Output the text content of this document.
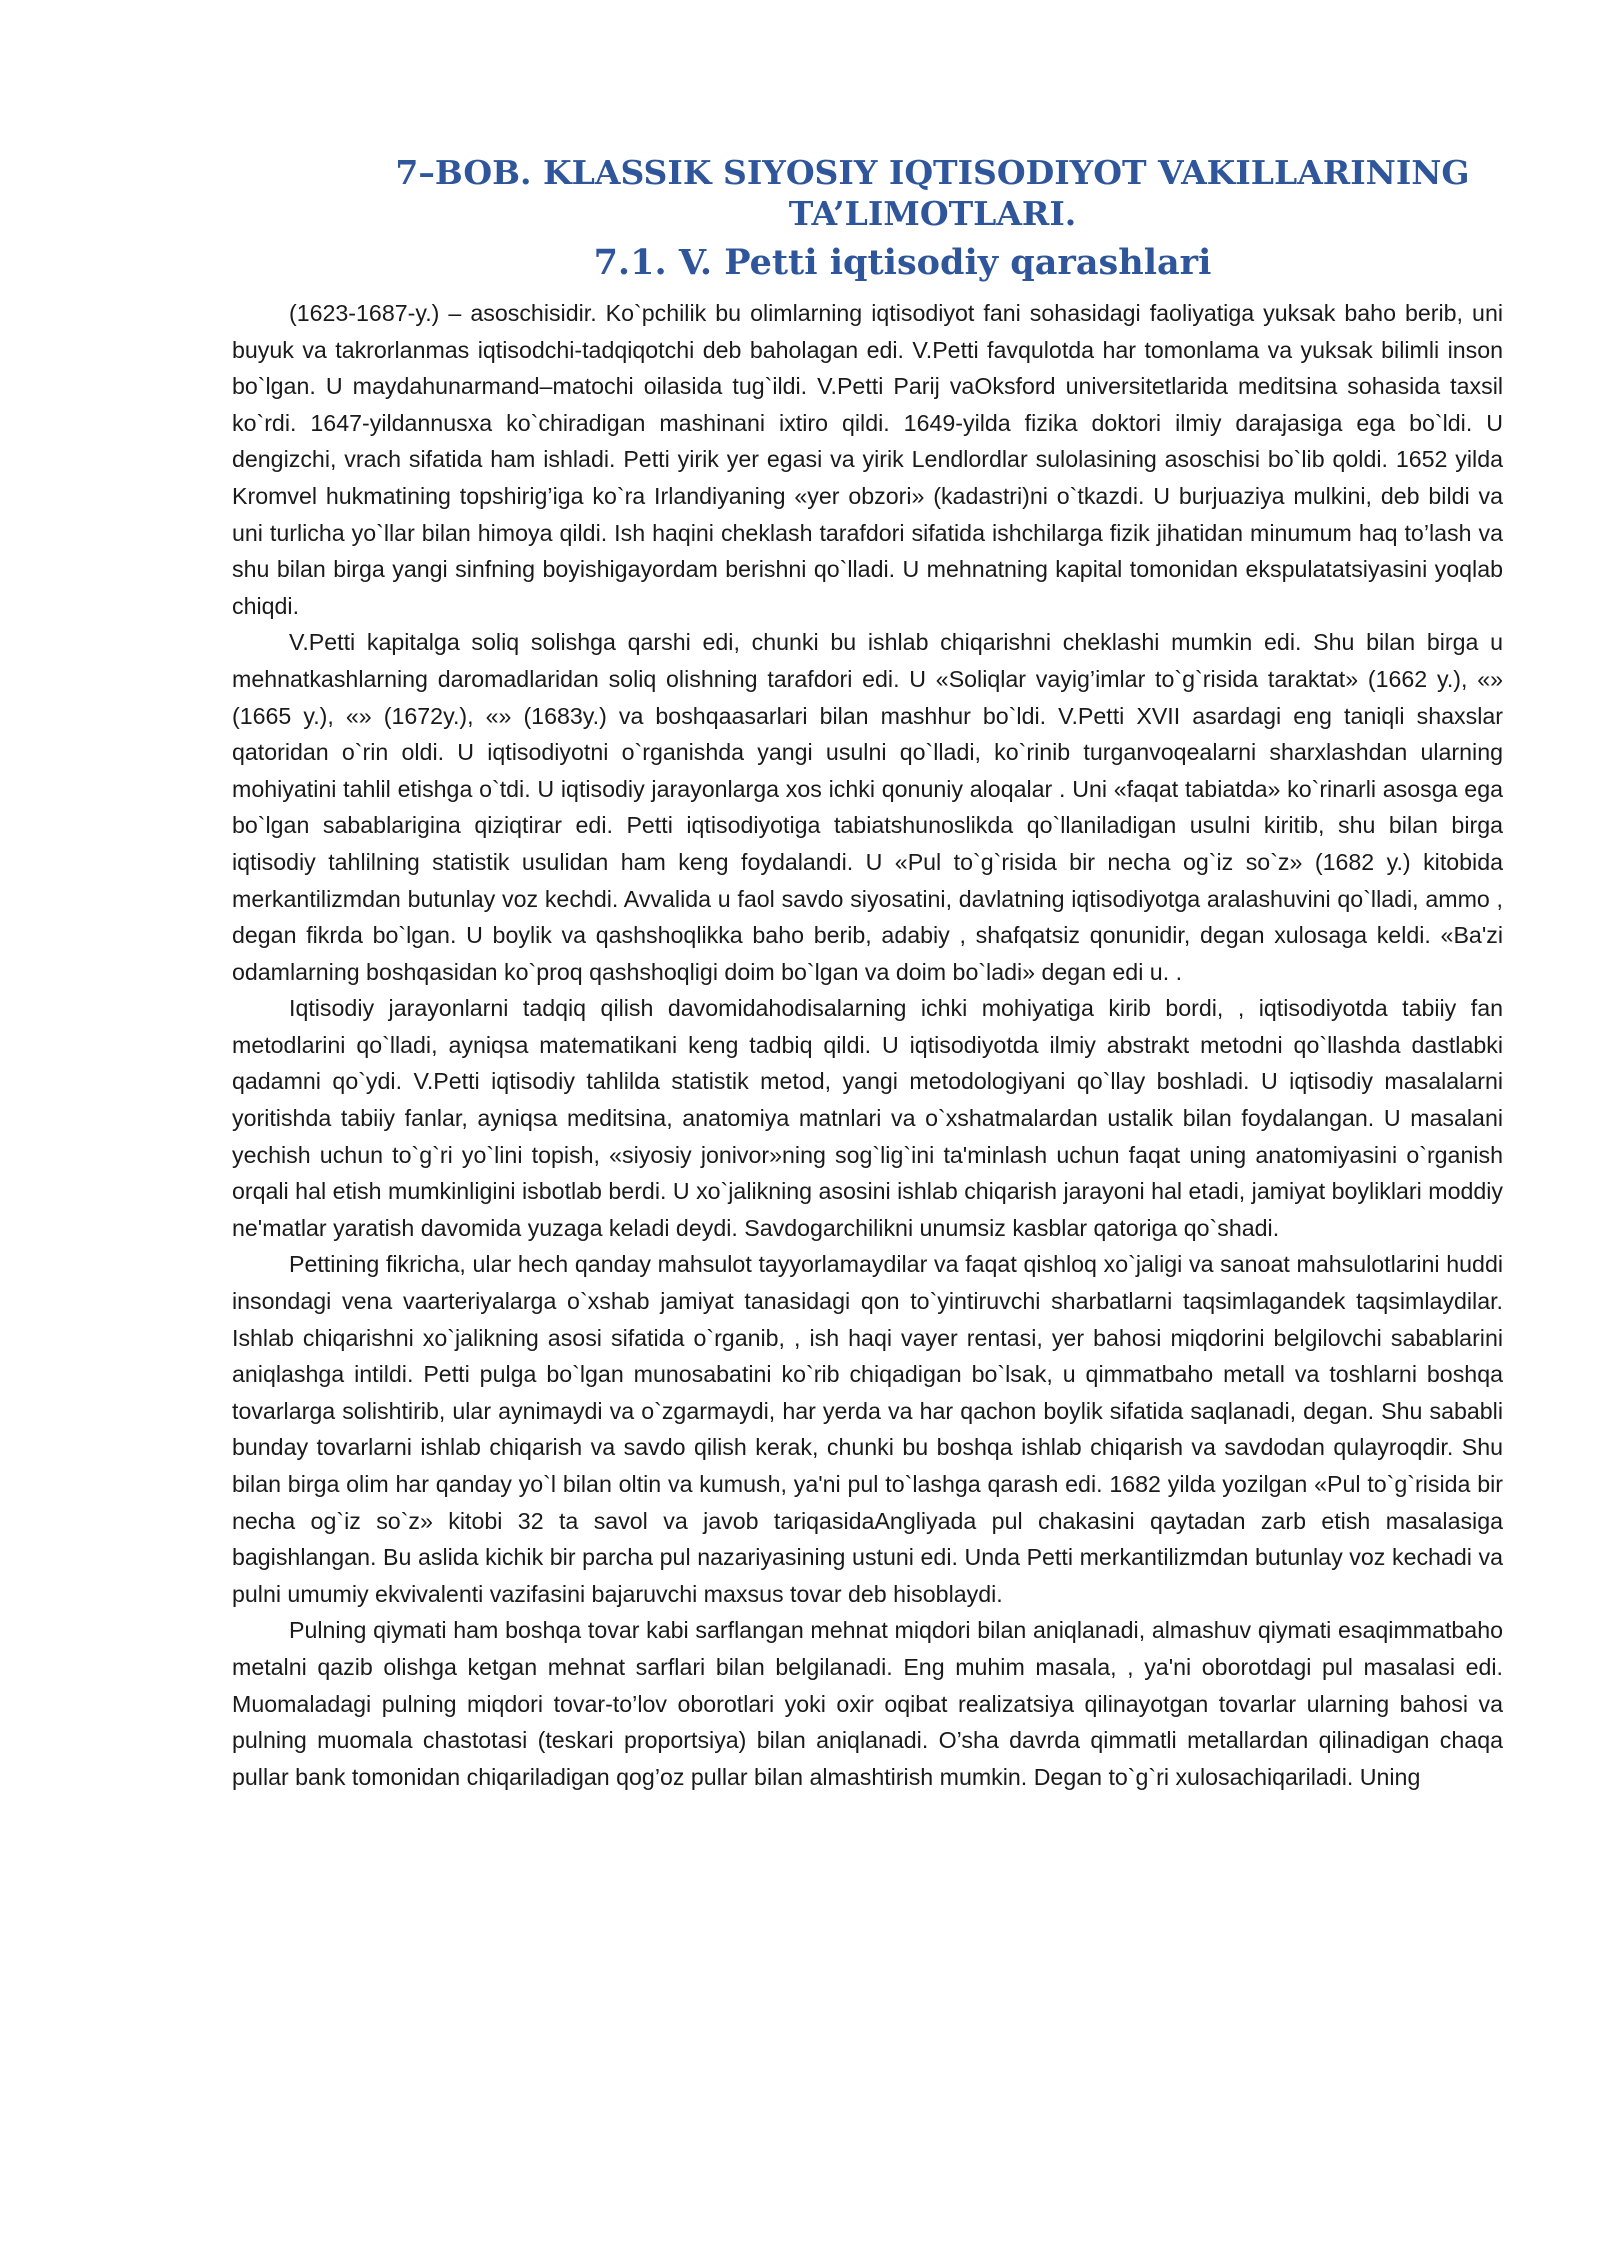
7–BOB. KLASSIK SIYOSIY IQTISODIYOT VAKILLARINING
TA’LIMOTLARI.
7.1. V. Petti iqtisodiy qarashlari

(1623-1687-y.) – asoschisidir. Ko`pchilik bu olimlarning iqtisodiyot fani sohasidagi faoliyatiga yuksak baho berib, uni buyuk va takrorlanmas iqtisodchi-tadqiqotchi deb baholagan edi. V.Petti favqulotda har tomonlama va yuksak bilimli inson bo`lgan. U maydahunarmand–matochi oilasida tug`ildi. V.Petti Parij vaOksford universitetlarida meditsina sohasida taxsil ko`rdi. 1647-yildannusxa ko`chiradigan mashinani ixtiro qildi. 1649-yilda fizika doktori ilmiy darajasiga ega bo`ldi. U dengizchi, vrach sifatida ham ishladi. Petti yirik yer egasi va yirik Lendlordlar sulolasining asoschisi bo`lib qoldi. 1652 yilda Kromvel hukmatining topshirig’iga ko`ra Irlandiyaning «yer obzori» (kadastri)ni o`tkazdi. U burjuaziya mulkini, deb bildi va uni turlicha yo`llar bilan himoya qildi. Ish haqini cheklash tarafdori sifatida ishchilarga fizik jihatidan minumum haq to’lash va shu bilan birga yangi sinfning boyishigayordam berishni qo`lladi. U mehnatning kapital tomonidan ekspulatatsiyasini yoqlab chiqdi.

V.Petti kapitalga soliq solishga qarshi edi, chunki bu ishlab chiqarishni cheklashi mumkin edi. Shu bilan birga u mehnatkashlarning daromadlaridan soliq olishning tarafdori edi. U «Soliqlar vayig’imlar to`g`risida taraktat» (1662 y.), «» (1665 y.), «» (1672y.), «» (1683y.) va boshqaasarlari bilan mashhur bo`ldi. V.Petti XVII asardagi eng taniqli shaxslar qatoridan o`rin oldi. U iqtisodiyotni o`rganishda yangi usulni qo`lladi, ko`rinib turganvoqealarni sharxlashdan ularning mohiyatini tahlil etishga o`tdi. U iqtisodiy jarayonlarga xos ichki qonuniy aloqalar . Uni «faqat tabiatda» ko`rinarli asosga ega bo`lgan sabablarigina qiziqtirar edi. Petti iqtisodiyotiga tabiatshunoslikda qo`llaniladigan usulni kiritib, shu bilan birga iqtisodiy tahlilning statistik usulidan ham keng foydalandi. U «Pul to`g`risida bir necha og`iz so`z» (1682 y.) kitobida merkantilizmdan butunlay voz kechdi. Avvalida u faol savdo siyosatini, davlatning iqtisodiyotga aralashuvini qo`lladi, ammo , degan fikrda bo`lgan. U boylik va qashshoqlikka baho berib, adabiy , shafqatsiz qonunidir, degan xulosaga keldi. «Ba'zi odamlarning boshqasidan ko`proq qashshoqligi doim bo`lgan va doim bo`ladi» degan edi u. .

Iqtisodiy jarayonlarni tadqiq qilish davomidahodisalarning ichki mohiyatiga kirib bordi, , iqtisodiyotda tabiiy fan metodlarini qo`lladi, ayniqsa matematikani keng tadbiq qildi. U iqtisodiyotda ilmiy abstrakt metodni qo`llashda dastlabki qadamni qo`ydi. V.Petti iqtisodiy tahlilda statistik metod, yangi metodologiyani qo`llay boshladi. U iqtisodiy masalalarni yoritishda tabiiy fanlar, ayniqsa meditsina, anatomiya matnlari va o`xshatmalardan ustalik bilan foydalangan. U masalani yechish uchun to`g`ri yo`lini topish, «siyosiy jonivor»ning sog`lig`ini ta'minlash uchun faqat uning anatomiyasini o`rganish orqali hal etish mumkinligini isbotlab berdi. U xo`jalikning asosini ishlab chiqarish jarayoni hal etadi, jamiyat boyliklari moddiy ne'matlar yaratish davomida yuzaga keladi deydi. Savdogarchilikni unumsiz kasblar qatoriga qo`shadi.

Pettining fikricha, ular hech qanday mahsulot tayyorlamaydilar va faqat qishloq xo`jaligi va sanoat mahsulotlarini huddi insondagi vena vaarteriyalarga o`xshab jamiyat tanasidagi qon to`yintiruvchi sharbatlarni taqsimlagandek taqsimlaydilar. Ishlab chiqarishni xo`jalikning asosi sifatida o`rganib, , ish haqi vayer rentasi, yer bahosi miqdorini belgilovchi sabablarini aniqlashga intildi. Petti pulga bo`lgan munosabatini ko`rib chiqadigan bo`lsak, u qimmatbaho metall va toshlarni boshqa tovarlarga solishtirib, ular aynimaydi va o`zgarmaydi, har yerda va har qachon boylik sifatida saqlanadi, degan. Shu sababli bunday tovarlarni ishlab chiqarish va savdo qilish kerak, chunki bu boshqa ishlab chiqarish va savdodan qulayroqdir. Shu bilan birga olim har qanday yo`l bilan oltin va kumush, ya'ni pul to`lashga qarash edi. 1682 yilda yozilgan «Pul to`g`risida bir necha og`iz so`z» kitobi 32 ta savol va javob tariqasidaAngliyada pul chakasini qaytadan zarb etish masalasiga bagishlangan. Bu aslida kichik bir parcha pul nazariyasining ustuni edi. Unda Petti merkantilizmdan butunlay voz kechadi va pulni umumiy ekvivalenti vazifasini bajaruvchi maxsus tovar deb hisoblaydi.

Pulning qiymati ham boshqa tovar kabi sarflangan mehnat miqdori bilan aniqlanadi, almashuv qiymati esaqimmatbaho metalni qazib olishga ketgan mehnat sarflari bilan belgilanadi. Eng muhim masala, , ya'ni oborotdagi pul masalasi edi. Muomaladagi pulning miqdori tovar-to’lov oborotlari yoki oxir oqibat realizatsiya qilinayotgan tovarlar ularning bahosi va pulning muomala chastotasi (teskari proportsiya) bilan aniqlanadi. O’sha davrda qimmatli metallardan qilinadigan chaqa pullar bank tomonidan chiqariladigan qog’oz pullar bilan almashtirish mumkin. Degan to`g`ri xulosachiqariladi. Uning
